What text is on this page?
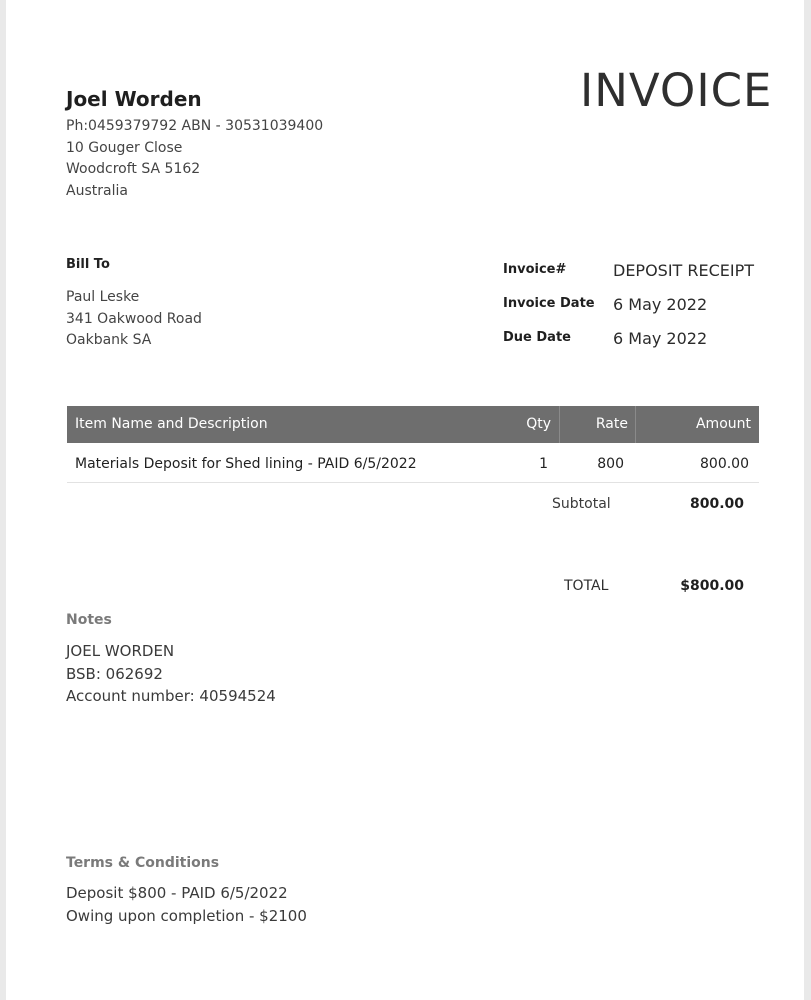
INVOICE
Joel Worden
Ph:0459379792 ABN - 30531039400
10 Gouger Close
Woodcroft SA 5162
Australia
Bill To
Paul Leske
341 Oakwood Road
Oakbank SA
Invoice#	DEPOSIT RECEIPT
Invoice Date 6 May 2022
Due Date	6 May 2022
Item Name and Description	Qty	Rate	Amount
Materials Deposit for Shed lining - PAID 6/5/2022	1	800	800.00
Subtotal	800.00
TOTAL	$800.00
Notes
JOEL WORDEN
BSB: 062692
Account number: 40594524
Terms & Conditions
Deposit $800 - PAID 6/5/2022
Owing upon completion - $2100
